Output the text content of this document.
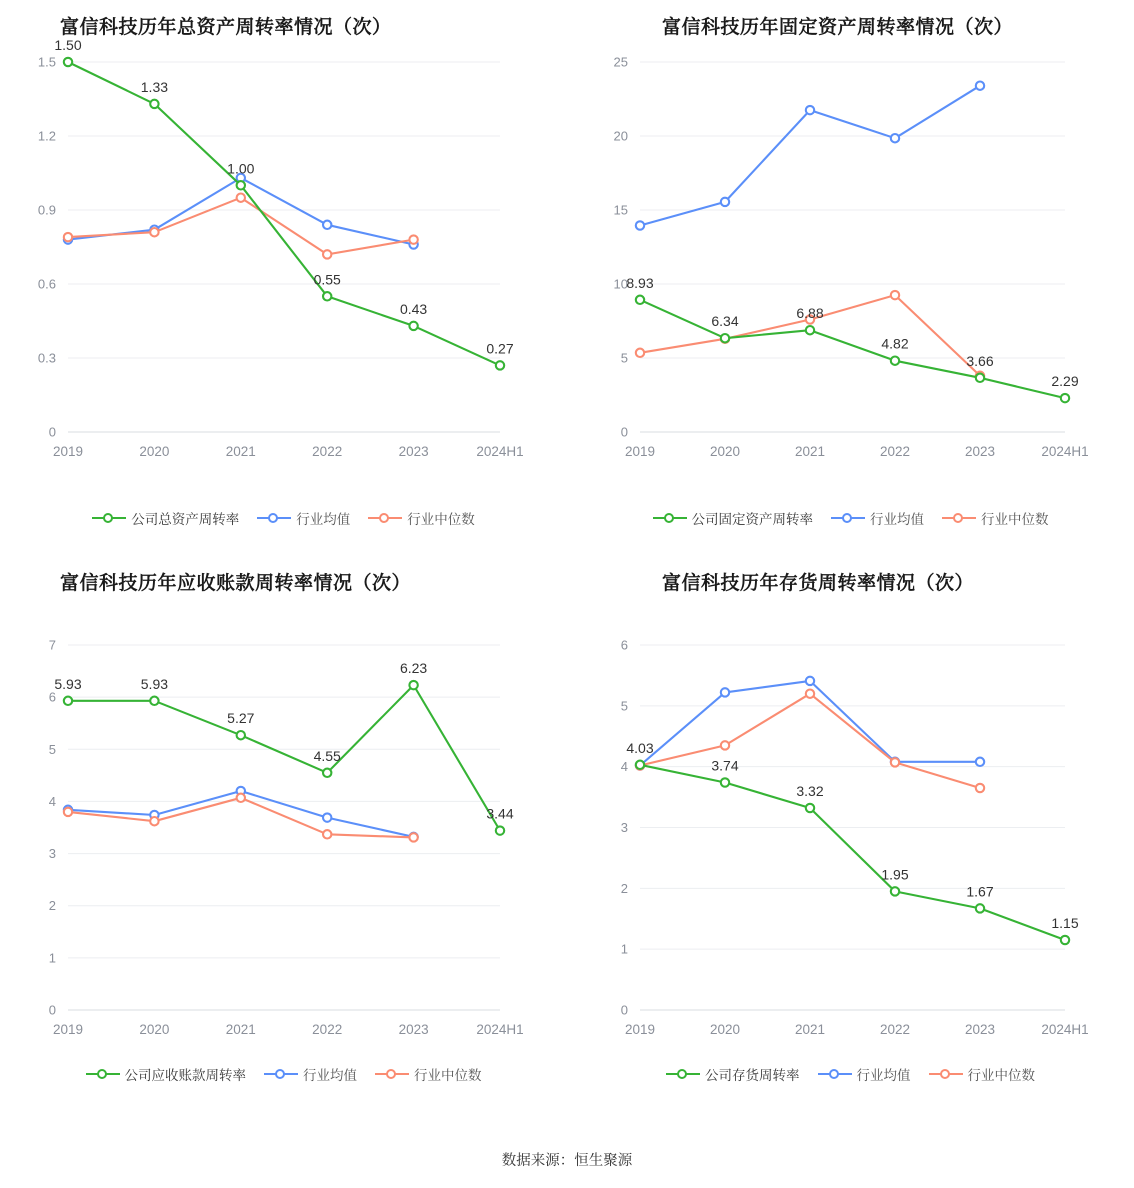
富信科技历年总资产周转率情况（次）
0
0.3
0.6
0.9
1.2
1.5
2019	2020	2021	2022	2023	2024H1
1.50
1.33
1.00
0.55
0.43
0.27
公司总资产周转率	行业均值	行业中位数
富信科技历年固定资产周转率情况（次）
0
5
10
15
20
25
2019	2020	2021	2022	2023	2024H1
8.93
6.34	6.88
4.82
3.66
2.29
公司固定资产周转率	行业均值	行业中位数
富信科技历年应收账款周转率情况（次）
0
1
2
3
4
5
6
7
2019	2020	2021	2022	2023	2024H1
5.93	5.93
5.27
4.55
6.23
3.44
公司应收账款周转率	行业均值	行业中位数
富信科技历年存货周转率情况（次）
0
1
2
3
4
5
6
2019	2020	2021	2022	2023	2024H1
4.03
3.74
3.32
1.95
1.67
1.15
公司存货周转率	行业均值	行业中位数
数据来源：恒生聚源
